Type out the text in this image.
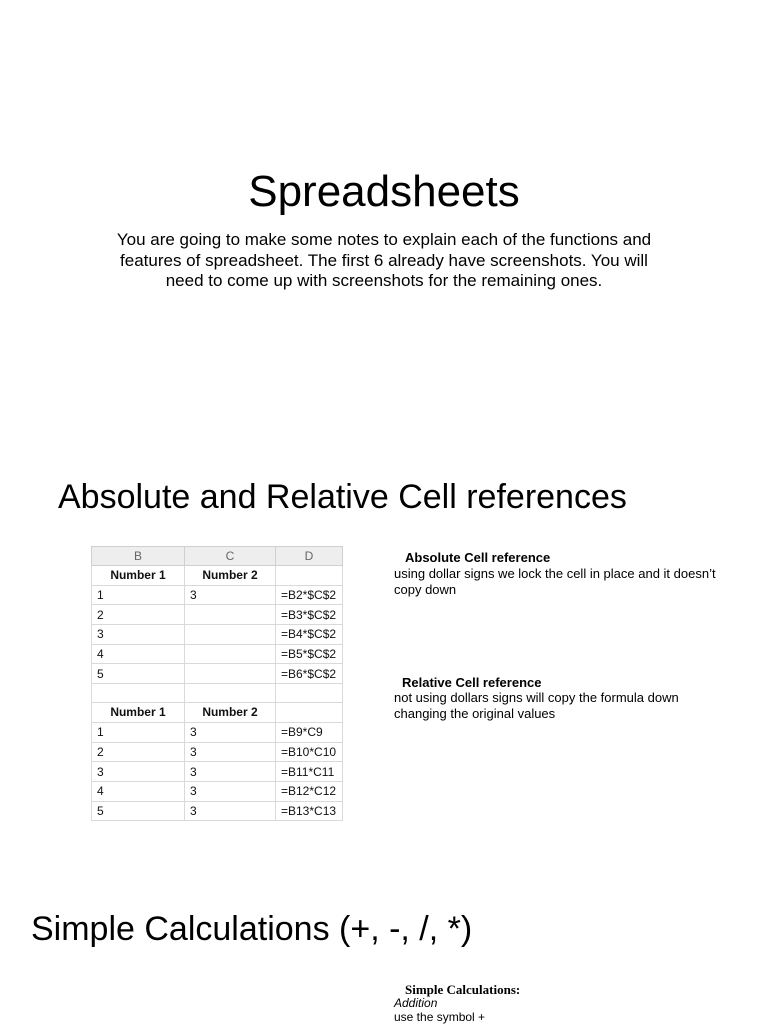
Spreadsheets

You are going to make some notes to explain each of the functions and features of spreadsheet. The first 6 already have screenshots. You will need to come up with screenshots for the remaining ones.

Absolute and Relative Cell references
B	C	D
Number 1	Number 2	
1	3	=B2*$C$2
2		=B3*$C$2
3		=B4*$C$2
4		=B5*$C$2
5		=B6*$C$2

Number 1	Number 2	
1	3	=B9*C9
2	3	=B10*C10
3	3	=B11*C11
4	3	=B12*C12
5	3	=B13*C13

Absolute Cell reference

using dollar signs we lock the cell in place and it doesn’t copy down

Relative Cell reference

not using dollars signs will copy the formula down changing the original values

Simple Calculations (+, -, /, *)

Simple Calculations:

Addition

use the symbol +
